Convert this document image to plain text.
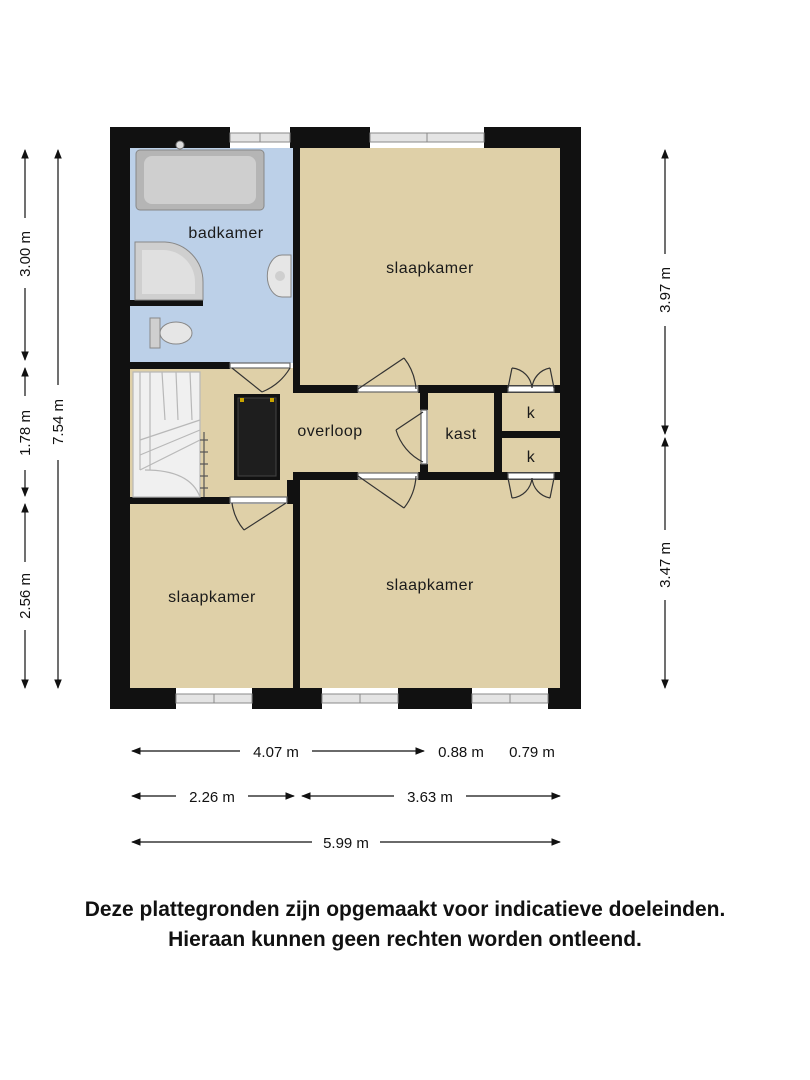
badkamer
slaapkamer
overloop	kast
k
k
slaapkamer
slaapkamer
3.00 m
1.78 m
2.56 m
7.54 m
3.97 m
3.47 m
4.07 m	0.88 m 0.79 m
2.26 m	3.63 m
5.99 m
Deze plattegronden zijn opgemaakt voor indicatieve doeleinden.
Hieraan kunnen geen rechten worden ontleend.
